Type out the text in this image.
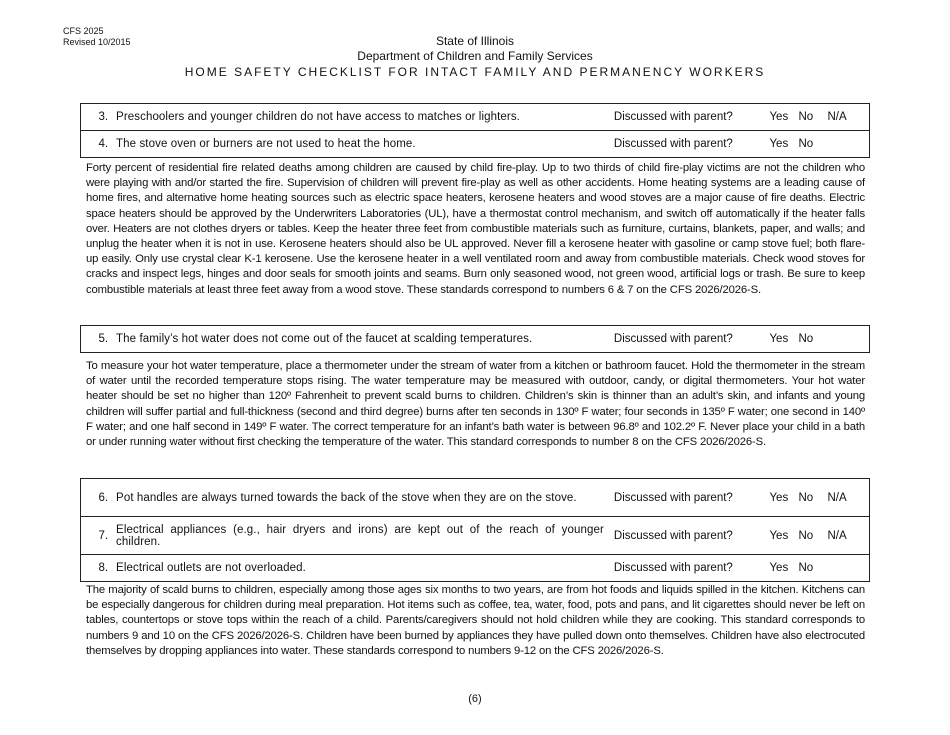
CFS 2025
Revised 10/2015	State of Illinois
Department of Children and Family Services
HOME SAFETY CHECKLIST FOR INTACT FAMILY AND PERMANENCY WORKERS
3.	Preschoolers and younger children do not have access to matches or lighters.	Discussed with parent?	Yes	No	N/A
4.	The stove oven or burners are not used to heat the home.	Discussed with parent?	Yes	No	
Forty percent of residential fire related deaths among children are caused by child fire-play. Up to two thirds of child fire-play victims are not the children who were playing with and/or started the fire. Supervision of children will prevent fire-play as well as other accidents. Home heating systems are a leading cause of home fires, and alternative home heating sources such as electric space heaters, kerosene heaters and wood stoves are a major cause of fire deaths. Electric space heaters should be approved by the Underwriters Laboratories (UL), have a thermostat control mechanism, and switch off automatically if the heater falls over. Heaters are not clothes dryers or tables. Keep the heater three feet from combustible materials such as furniture, curtains, blankets, paper, and walls; and unplug the heater when it is not in use. Kerosene heaters should also be UL approved. Never fill a kerosene heater with gasoline or camp stove fuel; both flare-up easily. Only use crystal clear K-1 kerosene. Use the kerosene heater in a well ventilated room and away from combustible materials. Check wood stoves for cracks and inspect legs, hinges and door seals for smooth joints and seams. Burn only seasoned wood, not green wood, artificial logs or trash. Be sure to keep combustible materials at least three feet away from a wood stove. These standards correspond to numbers 6 & 7 on the CFS 2026/2026-S.
5.	The family’s hot water does not come out of the faucet at scalding temperatures.	Discussed with parent?	Yes	No	
To measure your hot water temperature, place a thermometer under the stream of water from a kitchen or bathroom faucet. Hold the thermometer in the stream of water until the recorded temperature stops rising. The water temperature may be measured with outdoor, candy, or digital thermometers. Your hot water heater should be set no higher than 120º Fahrenheit to prevent scald burns to children. Children’s skin is thinner than an adult’s skin, and infants and young children will suffer partial and full-thickness (second and third degree) burns after ten seconds in 130º F water; four seconds in 135º F water; one second in 140º F water; and one half second in 149º F water. The correct temperature for an infant’s bath water is between 96.8º and 102.2º F. Never place your child in a bath or under running water without first checking the temperature of the water. This standard corresponds to number 8 on the CFS 2026/2026-S.
6.	Pot handles are always turned towards the back of the stove when they are on the stove.	Discussed with parent?	Yes	No	N/A
7.	Electrical appliances (e.g., hair dryers and irons) are kept out of the reach of younger children.	Discussed with parent?	Yes	No	N/A
8.	Electrical outlets are not overloaded.	Discussed with parent?	Yes	No	
The majority of scald burns to children, especially among those ages six months to two years, are from hot foods and liquids spilled in the kitchen. Kitchens can be especially dangerous for children during meal preparation. Hot items such as coffee, tea, water, food, pots and pans, and lit cigarettes should never be left on tables, countertops or stove tops within the reach of a child. Parents/caregivers should not hold children while they are cooking. This standard corresponds to numbers 9 and 10 on the CFS 2026/2026-S. Children have been burned by appliances they have pulled down onto themselves. Children have also electrocuted themselves by dropping appliances into water. These standards correspond to numbers 9-12 on the CFS 2026/2026-S.
(6)
